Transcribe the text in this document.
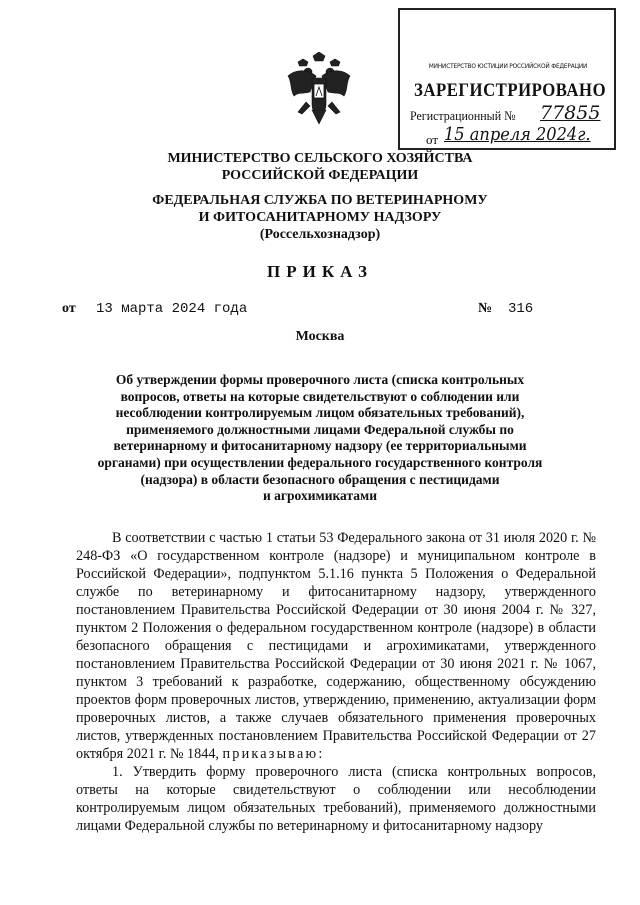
МИНИСТЕРСТВО ЮСТИЦИИ РОССИЙСКОЙ ФЕДЕРАЦИИ
ЗАРЕГИСТРИРОВАНО
Регистрационный № 77855
от 15 апреля 2024г.
МИНИСТЕРСТВО СЕЛЬСКОГО ХОЗЯЙСТВА
РОССИЙСКОЙ ФЕДЕРАЦИИ
ФЕДЕРАЛЬНАЯ СЛУЖБА ПО ВЕТЕРИНАРНОМУ
И ФИТОСАНИТАРНОМУ НАДЗОРУ
(Россельхознадзор)
ПРИКАЗ
от 13 марта 2024 года	№ 316
Москва
Об утверждении формы проверочного листа (списка контрольных
вопросов, ответы на которые свидетельствуют о соблюдении или
несоблюдении контролируемым лицом обязательных требований),
применяемого должностными лицами Федеральной службы по
ветеринарному и фитосанитарному надзору (ее территориальными
органами) при осуществлении федерального государственного контроля
(надзора) в области безопасного обращения с пестицидами
и агрохимикатами

В соответствии с частью 1 статьи 53 Федерального закона от 31 июля 2020 г. № 248-ФЗ «О государственном контроле (надзоре) и муниципальном контроле в Российской Федерации», подпунктом 5.1.16 пункта 5 Положения о Федеральной службе по ветеринарному и фитосанитарному надзору, утвержденного постановлением Правительства Российской Федерации от 30 июня 2004 г. № 327, пунктом 2 Положения о федеральном государственном контроле (надзоре) в области безопасного обращения с пестицидами и агрохимикатами, утвержденного постановлением Правительства Российской Федерации от 30 июня 2021 г. № 1067, пунктом 3 требований к разработке, содержанию, общественному обсуждению проектов форм проверочных листов, утверждению, применению, актуализации форм проверочных листов, а также случаев обязательного применения проверочных листов, утвержденных постановлением Правительства Российской Федерации от 27 октября 2021 г. № 1844, приказываю:

1. Утвердить форму проверочного листа (списка контрольных вопросов, ответы на которые свидетельствуют о соблюдении или несоблюдении контролируемым лицом обязательных требований), применяемого должностными лицами Федеральной службы по ветеринарному и фитосанитарному надзору
